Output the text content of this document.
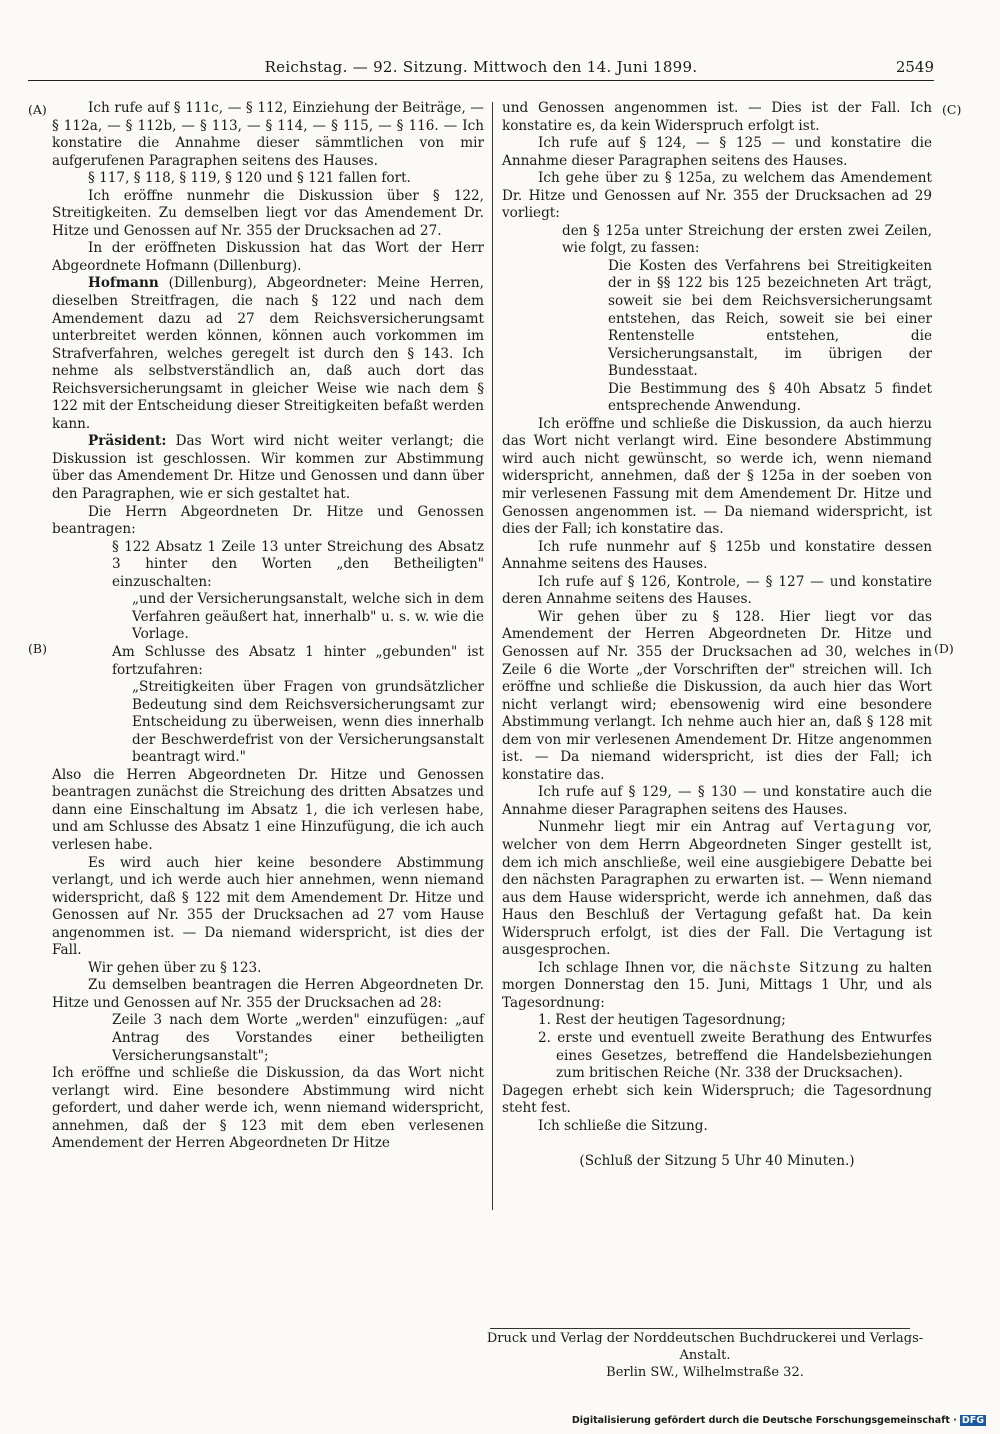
Reichstag. — 92. Sitzung. Mittwoch den 14. Juni 1899.	2549
(A)
(B)
(C)
(D)

Ich rufe auf § 111c, — § 112, Einziehung der Beiträge, — § 112a, — § 112b, — § 113, — § 114, — § 115, — § 116. — Ich konstatire die Annahme dieser sämmtlichen von mir aufgerufenen Paragraphen seitens des Hauses.

§ 117, § 118, § 119, § 120 und § 121 fallen fort.

Ich eröffne nunmehr die Diskussion über § 122, Streitigkeiten. Zu demselben liegt vor das Amendement Dr. Hitze und Genossen auf Nr. 355 der Drucksachen ad 27.

In der eröffneten Diskussion hat das Wort der Herr Abgeordnete Hofmann (Dillenburg).

Hofmann (Dillenburg), Abgeordneter: Meine Herren, dieselben Streitfragen, die nach § 122 und nach dem Amendement dazu ad 27 dem Reichsversicherungsamt unterbreitet werden können, können auch vorkommen im Strafverfahren, welches geregelt ist durch den § 143. Ich nehme als selbstverständlich an, daß auch dort das Reichsversicherungsamt in gleicher Weise wie nach dem § 122 mit der Entscheidung dieser Streitigkeiten befaßt werden kann.

Präsident: Das Wort wird nicht weiter verlangt; die Diskussion ist geschlossen. Wir kommen zur Abstimmung über das Amendement Dr. Hitze und Genossen und dann über den Paragraphen, wie er sich gestaltet hat.

Die Herrn Abgeordneten Dr. Hitze und Genossen beantragen:

§ 122 Absatz 1 Zeile 13 unter Streichung des Absatz 3 hinter den Worten „den Betheiligten" einzuschalten:

„und der Versicherungsanstalt, welche sich in dem Verfahren geäußert hat, innerhalb" u. s. w. wie die Vorlage.

Am Schlusse des Absatz 1 hinter „gebunden" ist fortzufahren:

„Streitigkeiten über Fragen von grundsätzlicher Bedeutung sind dem Reichsversicherungsamt zur Entscheidung zu überweisen, wenn dies innerhalb der Beschwerdefrist von der Versicherungsanstalt beantragt wird."

Also die Herren Abgeordneten Dr. Hitze und Genossen beantragen zunächst die Streichung des dritten Absatzes und dann eine Einschaltung im Absatz 1, die ich verlesen habe, und am Schlusse des Absatz 1 eine Hinzufügung, die ich auch verlesen habe.

Es wird auch hier keine besondere Abstimmung verlangt, und ich werde auch hier annehmen, wenn niemand widerspricht, daß § 122 mit dem Amendement Dr. Hitze und Genossen auf Nr. 355 der Drucksachen ad 27 vom Hause angenommen ist. — Da niemand widerspricht, ist dies der Fall.

Wir gehen über zu § 123.

Zu demselben beantragen die Herren Abgeordneten Dr. Hitze und Genossen auf Nr. 355 der Drucksachen ad 28:

Zeile 3 nach dem Worte „werden" einzufügen: „auf Antrag des Vorstandes einer betheiligten Versicherungsanstalt";

Ich eröffne und schließe die Diskussion, da das Wort nicht verlangt wird. Eine besondere Abstimmung wird nicht gefordert, und daher werde ich, wenn niemand widerspricht, annehmen, daß der § 123 mit dem eben verlesenen Amendement der Herren Abgeordneten Dr Hitze

und Genossen angenommen ist. — Dies ist der Fall. Ich konstatire es, da kein Widerspruch erfolgt ist.

Ich rufe auf § 124, — § 125 — und konstatire die Annahme dieser Paragraphen seitens des Hauses.

Ich gehe über zu § 125a, zu welchem das Amendement Dr. Hitze und Genossen auf Nr. 355 der Drucksachen ad 29 vorliegt:

den § 125a unter Streichung der ersten zwei Zeilen, wie folgt, zu fassen:

Die Kosten des Verfahrens bei Streitigkeiten der in §§ 122 bis 125 bezeichneten Art trägt, soweit sie bei dem Reichsversicherungsamt entstehen, das Reich, soweit sie bei einer Rentenstelle entstehen, die Versicherungsanstalt, im übrigen der Bundesstaat.

Die Bestimmung des § 40h Absatz 5 findet entsprechende Anwendung.

Ich eröffne und schließe die Diskussion, da auch hierzu das Wort nicht verlangt wird. Eine besondere Abstimmung wird auch nicht gewünscht, so werde ich, wenn niemand widerspricht, annehmen, daß der § 125a in der soeben von mir verlesenen Fassung mit dem Amendement Dr. Hitze und Genossen angenommen ist. — Da niemand widerspricht, ist dies der Fall; ich konstatire das.

Ich rufe nunmehr auf § 125b und konstatire dessen Annahme seitens des Hauses.

Ich rufe auf § 126, Kontrole, — § 127 — und konstatire deren Annahme seitens des Hauses.

Wir gehen über zu § 128. Hier liegt vor das Amendement der Herren Abgeordneten Dr. Hitze und Genossen auf Nr. 355 der Drucksachen ad 30, welches in Zeile 6 die Worte „der Vorschriften der" streichen will. Ich eröffne und schließe die Diskussion, da auch hier das Wort nicht verlangt wird; ebensowenig wird eine besondere Abstimmung verlangt. Ich nehme auch hier an, daß § 128 mit dem von mir verlesenen Amendement Dr. Hitze angenommen ist. — Da niemand widerspricht, ist dies der Fall; ich konstatire das.

Ich rufe auf § 129, — § 130 — und konstatire auch die Annahme dieser Paragraphen seitens des Hauses.

Nunmehr liegt mir ein Antrag auf Vertagung vor, welcher von dem Herrn Abgeordneten Singer gestellt ist, dem ich mich anschließe, weil eine ausgiebigere Debatte bei den nächsten Paragraphen zu erwarten ist. — Wenn niemand aus dem Hause widerspricht, werde ich annehmen, daß das Haus den Beschluß der Vertagung gefaßt hat. Da kein Widerspruch erfolgt, ist dies der Fall. Die Vertagung ist ausgesprochen.

Ich schlage Ihnen vor, die nächste Sitzung zu halten morgen Donnerstag den 15. Juni, Mittags 1 Uhr, und als Tagesordnung:

1. Rest der heutigen Tagesordnung;

2. erste und eventuell zweite Berathung des Entwurfes eines Gesetzes, betreffend die Handelsbeziehungen zum britischen Reiche (Nr. 338 der Drucksachen).

Dagegen erhebt sich kein Widerspruch; die Tagesordnung steht fest.

Ich schließe die Sitzung.

(Schluß der Sitzung 5 Uhr 40 Minuten.)

Druck und Verlag der Norddeutschen Buchdruckerei und Verlags-Anstalt.
Berlin SW., Wilhelmstraße 32.
Digitalisierung gefördert durch die Deutsche Forschungsgemeinschaft · DFG
